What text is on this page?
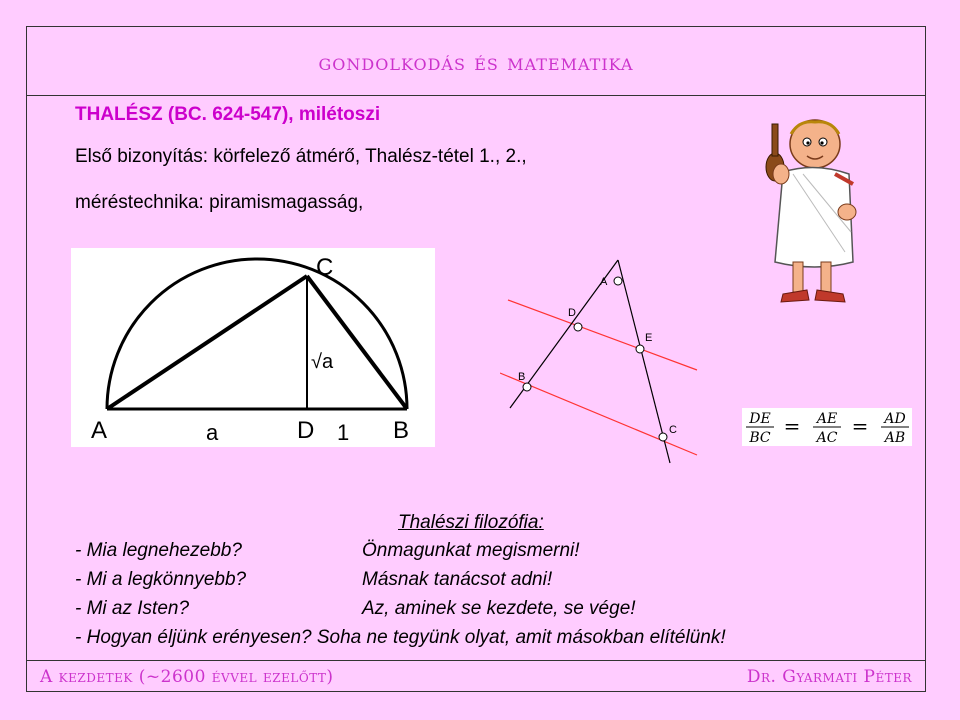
gondolkodás és matematika
THALÉSZ (BC. 624-547), milétoszi
Első bizonyítás: körfelező átmérő, Thalész-tétel 1., 2.,
méréstechnika: piramismagasság,
A	B
C
D
a	1
√a
A
D
E
B
C
DE
BC = AE
AC = AD
AB
Thalészi filozófia:
- Mia legnehezebb?	Önmagunkat megismerni!
- Mi a legkönnyebb?	Másnak tanácsot adni!
- Mi az Isten?	Az, aminek se kezdete, se vége!
- Hogyan éljünk erényesen? Soha ne tegyünk olyat, amit másokban elítélünk!
A kezdetek (~2600 évvel ezelőtt)	Dr. Gyarmati Péter
